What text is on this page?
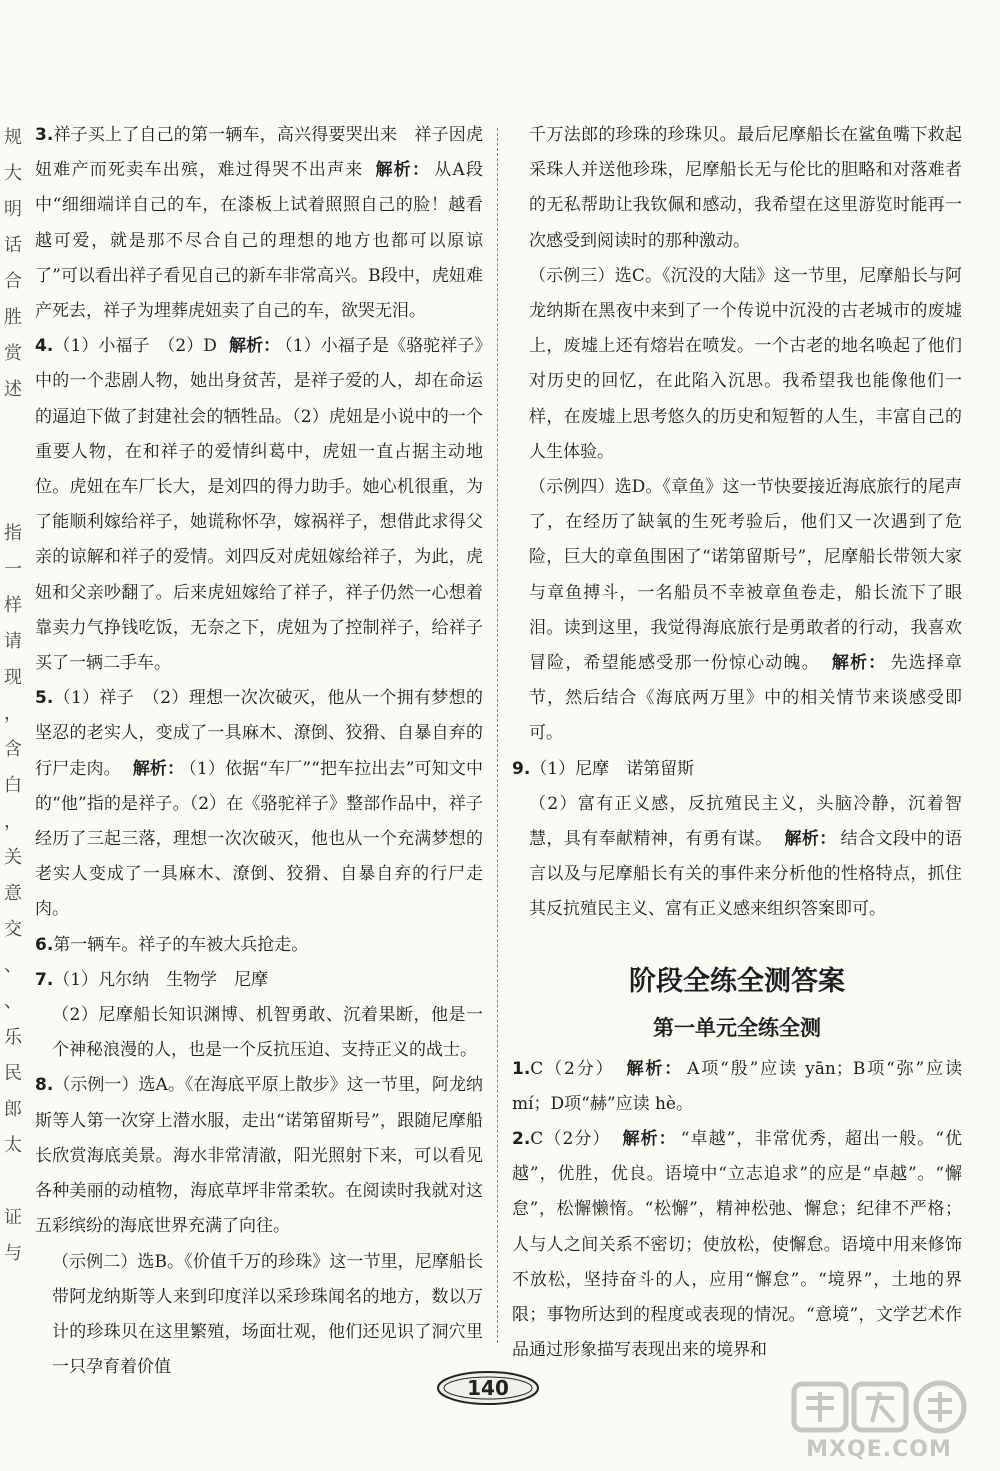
规
大
明
话
合
胜
赏
述
指
一
样
请
现
，
含
白
，
关
意
交
、
、
乐
民
郎
太
证
与

3.祥子买上了自己的第一辆车，高兴得要哭出来　祥子因虎妞难产而死卖车出殡，难过得哭不出声来 解析： 从A段中“细细端详自己的车，在漆板上试着照照自己的脸！越看越可爱，就是那不尽合自己的理想的地方也都可以原谅了”可以看出祥子看见自己的新车非常高兴。B段中，虎妞难产死去，祥子为埋葬虎妞卖了自己的车，欲哭无泪。

4.（1）小福子　（2）D 解析： （1）小福子是《骆驼祥子》中的一个悲剧人物，她出身贫苦，是祥子爱的人，却在命运的逼迫下做了封建社会的牺牲品。（2）虎妞是小说中的一个重要人物，在和祥子的爱情纠葛中，虎妞一直占据主动地位。虎妞在车厂长大，是刘四的得力助手。她心机很重，为了能顺利嫁给祥子，她谎称怀孕，嫁祸祥子，想借此求得父亲的谅解和祥子的爱情。刘四反对虎妞嫁给祥子，为此，虎妞和父亲吵翻了。后来虎妞嫁给了祥子，祥子仍然一心想着靠卖力气挣钱吃饭，无奈之下，虎妞为了控制祥子，给祥子买了一辆二手车。

5.（1）祥子　（2）理想一次次破灭，他从一个拥有梦想的坚忍的老实人，变成了一具麻木、潦倒、狡猾、自暴自弃的行尸走肉。 解析： （1）依据“车厂”“把车拉出去”可知文中的“他”指的是祥子。（2）在《骆驼祥子》整部作品中，祥子经历了三起三落，理想一次次破灭，他也从一个充满梦想的老实人变成了一具麻木、潦倒、狡猾、自暴自弃的行尸走肉。

6.第一辆车。祥子的车被大兵抢走。

7.（1）凡尔纳　生物学　尼摩

（2）尼摩船长知识渊博、机智勇敢、沉着果断，他是一个神秘浪漫的人，也是一个反抗压迫、支持正义的战士。

8.（示例一）选A。《在海底平原上散步》这一节里，阿龙纳斯等人第一次穿上潜水服，走出“诺第留斯号”，跟随尼摩船长欣赏海底美景。海水非常清澈，阳光照射下来，可以看见各种美丽的动植物，海底草坪非常柔软。在阅读时我就对这五彩缤纷的海底世界充满了向往。

（示例二）选B。《价值千万的珍珠》这一节里，尼摩船长带阿龙纳斯等人来到印度洋以采珍珠闻名的地方，数以万计的珍珠贝在这里繁殖，场面壮观，他们还见识了洞穴里一只孕育着价值

千万法郎的珍珠的珍珠贝。最后尼摩船长在鲨鱼嘴下救起采珠人并送他珍珠，尼摩船长无与伦比的胆略和对落难者的无私帮助让我钦佩和感动，我希望在这里游览时能再一次感受到阅读时的那种激动。

（示例三）选C。《沉没的大陆》这一节里，尼摩船长与阿龙纳斯在黑夜中来到了一个传说中沉没的古老城市的废墟上，废墟上还有熔岩在喷发。一个古老的地名唤起了他们对历史的回忆，在此陷入沉思。我希望我也能像他们一样，在废墟上思考悠久的历史和短暂的人生，丰富自己的人生体验。

（示例四）选D。《章鱼》这一节快要接近海底旅行的尾声了，在经历了缺氧的生死考验后，他们又一次遇到了危险，巨大的章鱼围困了“诺第留斯号”，尼摩船长带领大家与章鱼搏斗，一名船员不幸被章鱼卷走，船长流下了眼泪。读到这里，我觉得海底旅行是勇敢者的行动，我喜欢冒险，希望能感受那一份惊心动魄。 解析： 先选择章节，然后结合《海底两万里》中的相关情节来谈感受即可。

9.（1）尼摩　诺第留斯

（2）富有正义感，反抗殖民主义，头脑冷静，沉着智慧，具有奉献精神，有勇有谋。 解析： 结合文段中的语言以及与尼摩船长有关的事件来分析他的性格特点，抓住其反抗殖民主义、富有正义感来组织答案即可。

阶段全练全测答案
第一单元全练全测

1.C（2分） 解析： A项“殷”应读 yān；B项“弥”应读 mí；D项“赫”应读 hè。

2.C（2分） 解析： “卓越”，非常优秀，超出一般。“优越”，优胜，优良。语境中“立志追求”的应是“卓越”。“懈怠”，松懈懒惰。“松懈”，精神松弛、懈怠；纪律不严格；人与人之间关系不密切；使放松，使懈怠。语境中用来修饰不放松，坚持奋斗的人，应用“懈怠”。“境界”，土地的界限；事物所达到的程度或表现的情况。“意境”，文学艺术作品通过形象描写表现出来的境界和

140
MXQE.COM
